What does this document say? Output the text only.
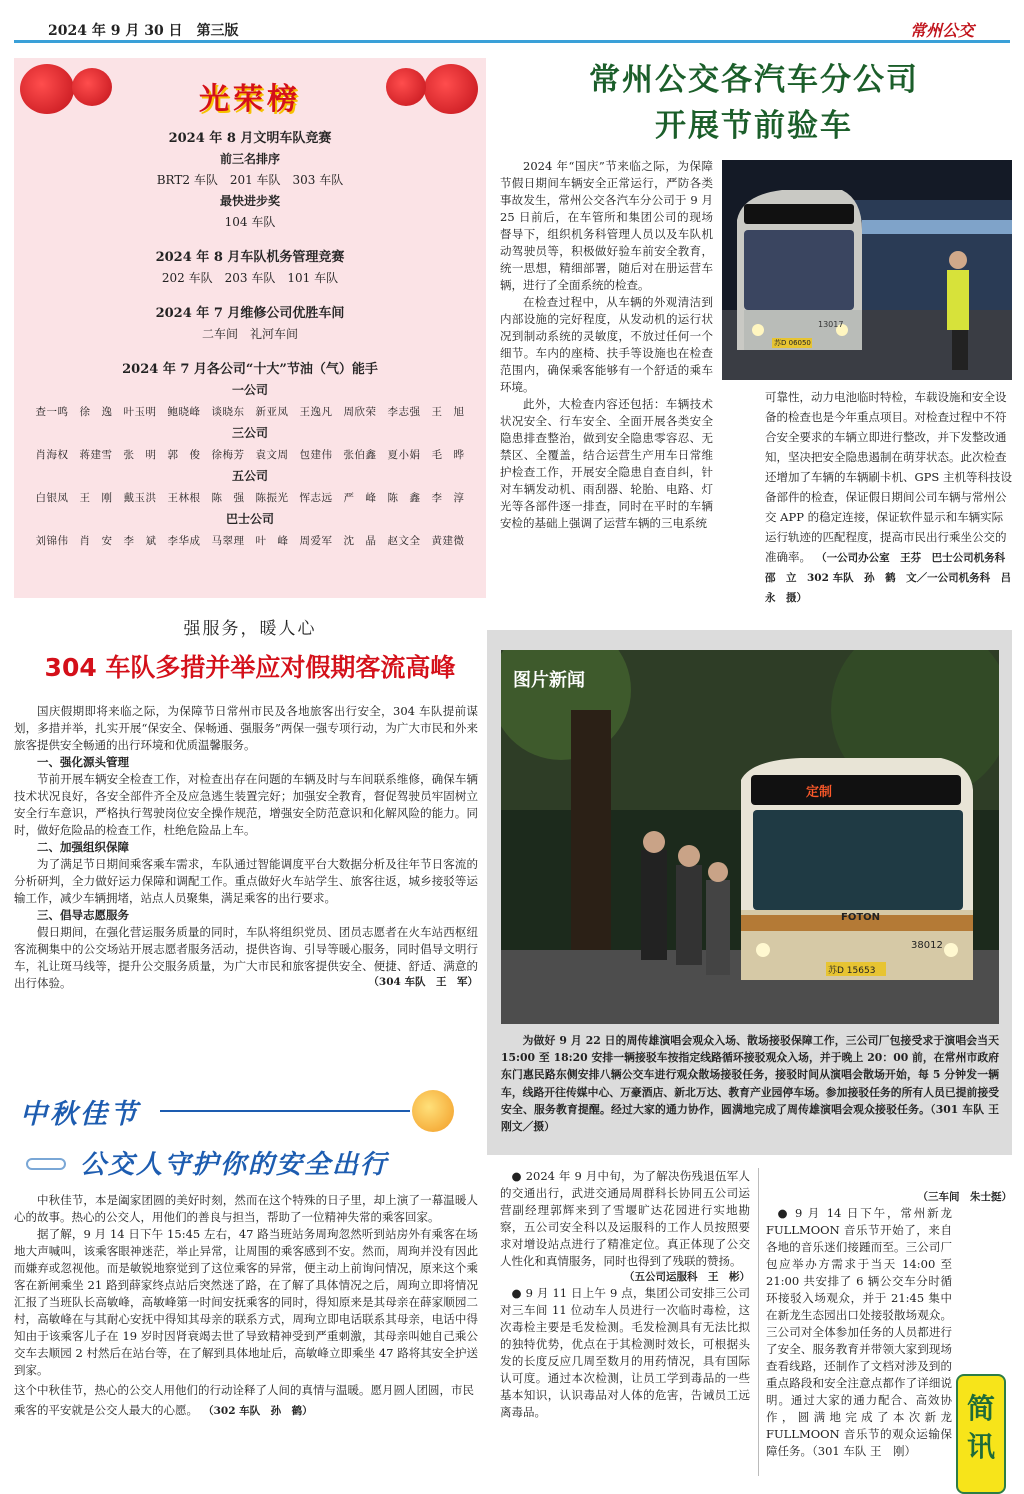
2024 年 9 月 30 日　 第三版	常州公交
光荣榜
2024 年 8 月文明车队竞赛
前三名排序
BRT2 车队　201 车队　303 车队
最快进步奖
104 车队
2024 年 8 月车队机务管理竞赛
202 车队　203 车队　101 车队
2024 年 7 月维修公司优胜车间
二车间　礼河车间
2024 年 7 月各公司“十大”节油（气）能手
一公司
查一鸣　徐　逸　叶玉明　鲍晓峰　谈晓东　新亚凤　王逸凡　周欣荣　李志强　王　旭
三公司
肖海权　蒋建雪　张　明　郭　俊　徐梅芳　袁文周　包建伟　张伯鑫　夏小娟　毛　晔
五公司
白银凤　王　刚　戴玉洪　王林根　陈　强　陈振光　恽志远　严　峰　陈　鑫　李　淳
巴士公司
刘锦伟　肖　安　李　斌　李华成　马翠理　叶　峰　周爱军　沈　晶　赵文全　黄建微
常州公交各汽车分公司
开展节前验车

2024 年“国庆”节来临之际，为保障节假日期间车辆安全正常运行，严防各类事故发生，常州公交各汽车分公司于 9 月 25 日前后，在车管所和集团公司的现场督导下，组织机务科管理人员以及车队机动驾驶员等，积极做好验车前安全教育，统一思想，精细部署，随后对在册运营车辆，进行了全面系统的检查。

在检查过程中，从车辆的外观清洁到内部设施的完好程度，从发动机的运行状况到制动系统的灵敏度，不放过任何一个细节。车内的座椅、扶手等设施也在检查范围内，确保乘客能够有一个舒适的乘车环境。

此外，大检查内容还包括：车辆技术状况安全、行车安全、全面开展各类安全隐患排查整治，做到安全隐患零容忍、无禁区、全覆盖，结合运营生产用车日常维护检查工作，开展安全隐患自查自纠，针对车辆发动机、雨刮器、轮胎、电路、灯光等各部件逐一排查，同时在平时的车辆安检的基础上强调了运营车辆的三电系统

苏D 06050
13017

可靠性，动力电池临时特检，车载设施和安全设备的检查也是今年重点项目。对检查过程中不符合安全要求的车辆立即进行整改，并下发整改通知，坚决把安全隐患遏制在萌芽状态。此次检查还增加了车辆的车辆刷卡机、GPS 主机等科技设备部件的检查，保证假日期间公司车辆与常州公交 APP 的稳定连接，保证软件显示和车辆实际运行轨迹的匹配程度，提高市民出行乘坐公交的准确率。 （一公司办公室　王芬　巴士公司机务科　邵　立　302 车队　孙　鹤　文／一公司机务科　吕　永　摄）
强服务，暖人心
304 车队多措并举应对假期客流高峰

国庆假期即将来临之际，为保障节日常州市民及各地旅客出行安全，304 车队提前谋划，多措并举，扎实开展“保安全、保畅通、强服务”两保一强专项行动，为广大市民和外来旅客提供安全畅通的出行环境和优质温馨服务。

一、强化源头管理

节前开展车辆安全检查工作，对检查出存在问题的车辆及时与车间联系维修，确保车辆技术状况良好，各安全部件齐全及应急逃生装置完好；加强安全教育，督促驾驶员牢固树立安全行车意识，严格执行驾驶岗位安全操作规范，增强安全防范意识和化解风险的能力。同时，做好危险品的检查工作，杜绝危险品上车。

二、加强组织保障

为了满足节日期间乘客乘车需求，车队通过智能调度平台大数据分析及往年节日客流的分析研判，全力做好运力保障和调配工作。重点做好火车站学生、旅客往返，城乡接驳等运输工作，减少车辆拥堵，站点人员聚集，满足乘客的出行要求。

三、倡导志愿服务

假日期间，在强化营运服务质量的同时，车队将组织党员、团员志愿者在火车站西枢纽客流稠集中的公交场站开展志愿者服务活动，提供咨询、引导等暖心服务，同时倡导文明行车，礼让斑马线等，提升公交服务质量，为广大市民和旅客提供安全、便捷、舒适、满意的出行体验。	（304 车队　王　军）
图片新闻
定制
FOTON
38012
苏D 15653

为做好 9 月 22 日的周传雄演唱会观众入场、散场接驳保障工作，三公司厂包接受求于演唱会当天 15:00 至 18:20 安排一辆接驳车按指定线路循环接驳观众入场，并于晚上 20：00 前，在常州市政府东门惠民路东侧安排八辆公交车进行观众散场接驳任务，接驳时间从演唱会散场开始，每 5 分钟发一辆车，线路开往传媒中心、万豪酒店、新北万达、教育产业园停车场。参加接驳任务的所有人员已提前接受安全、服务教育提醒。经过大家的通力协作，圆满地完成了周传雄演唱会观众接驳任务。（301 车队 王刚文／摄）

中秋佳节
公交人守护你的安全出行

中秋佳节，本是阖家团圆的美好时刻，然而在这个特殊的日子里，却上演了一幕温暖人心的故事。热心的公交人，用他们的善良与担当，帮助了一位精神失常的乘客回家。

据了解，9 月 14 日下午 15:45 左右，47 路当班站务周珣忽然听到站房外有乘客在场地大声喊叫，该乘客眼神迷茫，举止异常，让周围的乘客感到不安。然而，周珣并没有因此而嫌弃或忽视他。而是敏锐地察觉到了这位乘客的异常，便主动上前询问情况，原来这个乘客在新闸乘坐 21 路到薛家终点站后突然迷了路，在了解了具体情况之后，周珣立即将情况汇报了当班队长高敏峰，高敏峰第一时间安抚乘客的同时，得知原来是其母亲在薛家顺园二村，高敏峰在与其耐心安抚中得知其母亲的联系方式，周珣立即电话联系其母亲，电话中得知由于该乘客儿子在 19 岁时因肾衰竭去世了导致精神受到严重刺激，其母亲叫她自己乘公交车去顺园 2 村然后在站台等，在了解到具体地址后，高敏峰立即乘坐 47 路将其安全护送到家。

这个中秋佳节，热心的公交人用他们的行动诠释了人间的真情与温暖。愿月圆人团圆，市民乘客的平安就是公交人最大的心愿。 （302 车队　孙　鹤）

● 2024 年 9 月中旬，为了解决伤残退伍军人的交通出行，武进交通局周群科长协同五公司运营副经理郭辉来到了雪堰旷达花园进行实地勘察，五公司安全科以及运服科的工作人员按照要求对增设站点进行了精准定位。真正体现了公交人性化和真情服务，同时也得到了残联的赞扬。

（五公司运服科　王　彬）

● 9 月 11 日上午 9 点，集团公司安排三公司对三车间 11 位动车人员进行一次临时毒检，这次毒检主要是毛发检测。毛发检测具有无法比拟的独特优势，优点在于其检测时效长，可根据头发的长度反应几周至数月的用药情况，具有国际认可度。通过本次检测，让员工学到毒品的一些基本知识，认识毒品对人体的危害，告诫员工远离毒品。

（三车间　朱士挺）

● 9 月 14 日下午，常州新龙 FULLMOON 音乐节开始了，来自各地的音乐迷们接踵而至。三公司厂包应举办方需求于当天 14:00 至 21:00 共安排了 6 辆公交车分时循环接驳入场观众，并于 21:45 集中在新龙生态园出口处接驳散场观众。三公司对全体参加任务的人员都进行了安全、服务教育并带领大家到现场查看线路，还制作了文档对涉及到的重点路段和安全注意点都作了详细说明。通过大家的通力配合、高效协作，圆满地完成了本次新龙 FULLMOON 音乐节的观众运输保障任务。（301 车队 王　刚）

简讯
